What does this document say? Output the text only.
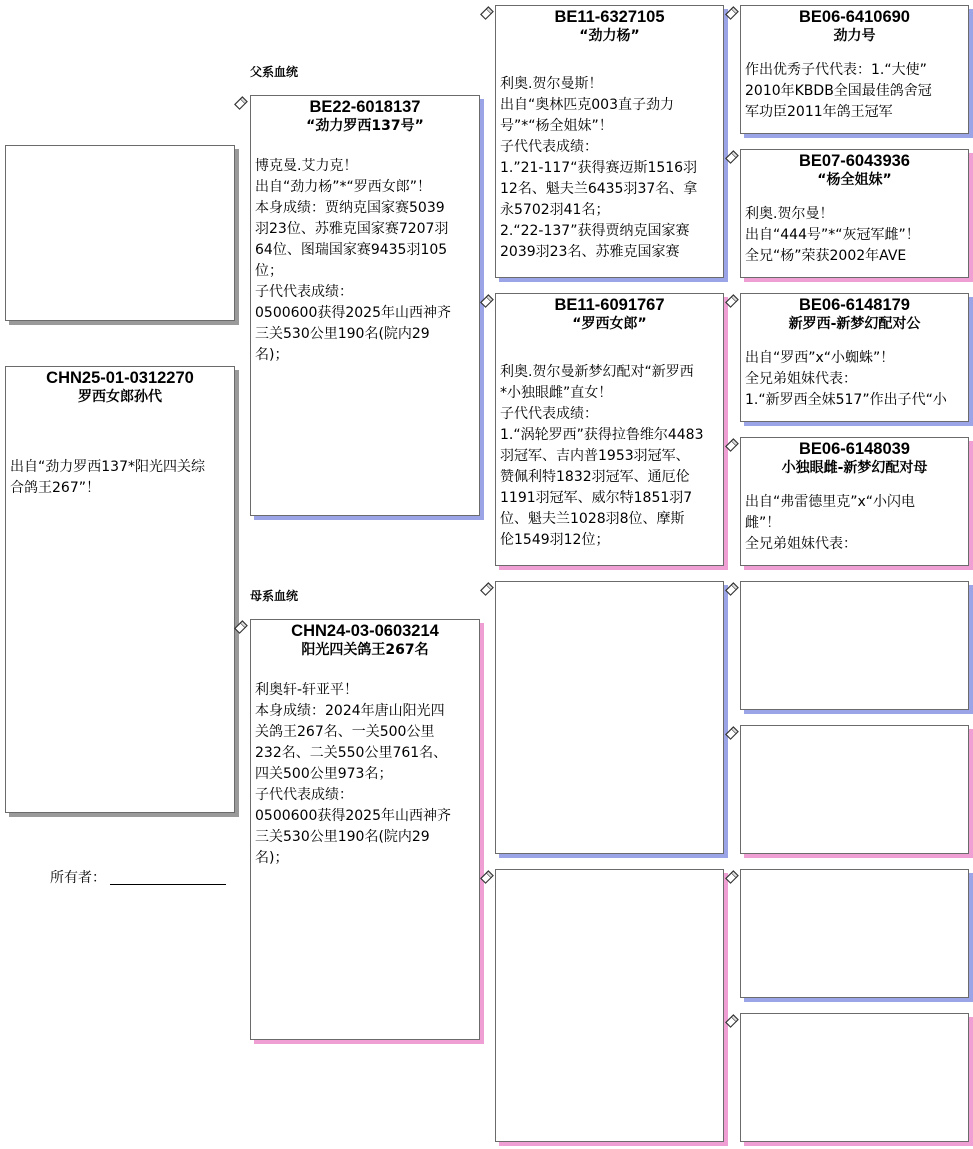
父系血统
母系血统
CHN25-01-0312270
罗西女郎孙代
出自“劲力罗西137*阳光四关综
合鸽王267”！
所有者：
BE22-6018137
“劲力罗西137号”
博克曼.艾力克！
出自“劲力杨”*“罗西女郎”！
本身成绩：贾纳克国家赛5039
羽23位、苏雅克国家赛7207羽
64位、图瑞国家赛9435羽105
位；
子代代表成绩：
0500600获得2025年山西神齐
三关530公里190名(院内29
名)；
CHN24-03-0603214
阳光四关鸽王267名
利奥轩-轩亚平！
本身成绩：2024年唐山阳光四
关鸽王267名、一关500公里
232名、二关550公里761名、
四关500公里973名；
子代代表成绩：
0500600获得2025年山西神齐
三关530公里190名(院内29
名)；
BE11-6327105
“劲力杨”
利奥.贺尔曼斯！
出自“奥林匹克003直子劲力
号”*“杨全姐妹”！
子代代表成绩：
1.”21-117“获得赛迈斯1516羽
12名、魁夫兰6435羽37名、拿
永5702羽41名；
2.“22-137”获得贾纳克国家赛
2039羽23名、苏雅克国家赛
BE11-6091767
“罗西女郎”
利奥.贺尔曼新梦幻配对“新罗西
*小独眼雌”直女！
子代代表成绩：
1.“涡轮罗西”获得拉鲁维尔4483
羽冠军、吉内普1953羽冠军、
赞佩利特1832羽冠军、通厄伦
1191羽冠军、威尔特1851羽7
位、魁夫兰1028羽8位、摩斯
伦1549羽12位；
BE06-6410690
劲力号
作出优秀子代代表：1.“大使”
2010年KBDB全国最佳鸽舍冠
军功臣2011年鸽王冠军
BE07-6043936
“杨全姐妹”
利奥.贺尔曼！
出自“444号”*“灰冠军雌”！
全兄“杨”荣获2002年AVE
BE06-6148179
新罗西-新梦幻配对公
出自“罗西”x“小蜘蛛”！
全兄弟姐妹代表：
1.“新罗西全妹517”作出子代“小
BE06-6148039
小独眼雌-新梦幻配对母
出自“弗雷德里克”x“小闪电
雌”！
全兄弟姐妹代表：
